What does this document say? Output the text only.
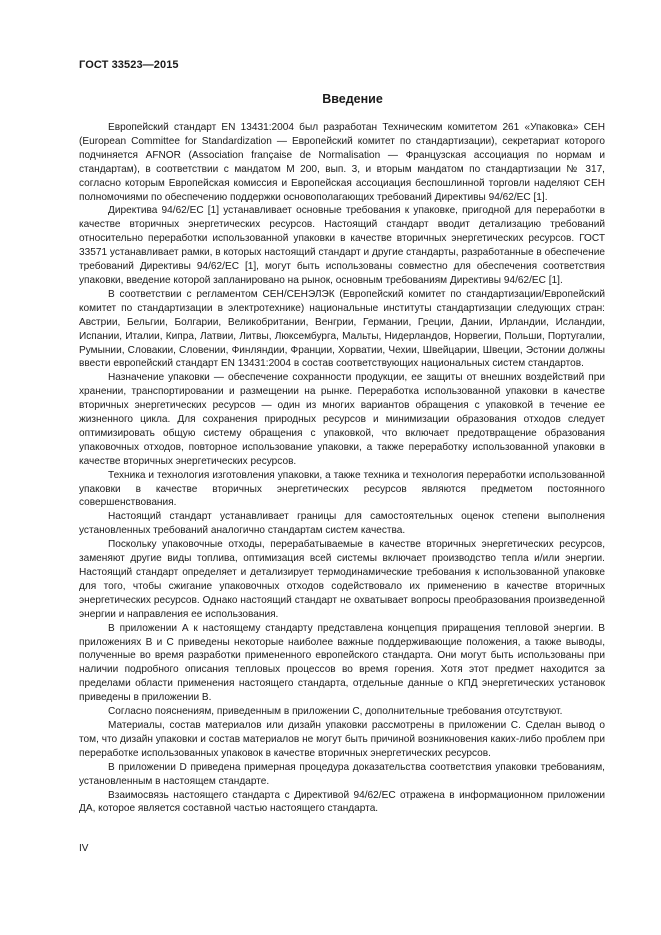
ГОСТ 33523—2015
Введение

Европейский стандарт EN 13431:2004 был разработан Техническим комитетом 261 «Упаковка» CEH (European Committee for Standardization — Европейский комитет по стандартизации), секретариат которого подчиняется AFNOR (Association française de Normalisation — Французская ассоциация по нормам и стандартам), в соответствии с мандатом М 200, вып. 3, и вторым мандатом по стандартизации № 317, согласно которым Европейская комиссия и Европейская ассоциация беспошлинной торговли наделяют CEH полномочиями по обеспечению поддержки основополагающих требований Директивы 94/62/ЕС [1].

Директива 94/62/ЕС [1] устанавливает основные требования к упаковке, пригодной для переработки в качестве вторичных энергетических ресурсов. Настоящий стандарт вводит детализацию требований относительно переработки использованной упаковки в качестве вторичных энергетических ресурсов. ГОСТ 33571 устанавливает рамки, в которых настоящий стандарт и другие стандарты, разработанные в обеспечение требований Директивы 94/62/ЕС [1], могут быть использованы совместно для обеспечения соответствия упаковки, введение которой запланировано на рынок, основным требованиям Директивы 94/62/ЕС [1].

В соответствии с регламентом CEH/CEHЭЛЭК (Европейский комитет по стандартизации/Европейский комитет по стандартизации в электротехнике) национальные институты стандартизации следующих стран: Австрии, Бельгии, Болгарии, Великобритании, Венгрии, Германии, Греции, Дании, Ирландии, Исландии, Испании, Италии, Кипра, Латвии, Литвы, Люксембурга, Мальты, Нидерландов, Норвегии, Польши, Португалии, Румынии, Словакии, Словении, Финляндии, Франции, Хорватии, Чехии, Швейцарии, Швеции, Эстонии должны ввести европейский стандарт EN 13431:2004 в состав соответствующих национальных систем стандартов.

Назначение упаковки — обеспечение сохранности продукции, ее защиты от внешних воздействий при хранении, транспортировании и размещении на рынке. Переработка использованной упаковки в качестве вторичных энергетических ресурсов — один из многих вариантов обращения с упаковкой в течение ее жизненного цикла. Для сохранения природных ресурсов и минимизации образования отходов следует оптимизировать общую систему обращения с упаковкой, что включает предотвращение образования упаковочных отходов, повторное использование упаковки, а также переработку использованной упаковки в качестве вторичных энергетических ресурсов.

Техника и технология изготовления упаковки, а также техника и технология переработки использованной упаковки в качестве вторичных энергетических ресурсов являются предметом постоянного совершенствования.

Настоящий стандарт устанавливает границы для самостоятельных оценок степени выполнения установленных требований аналогично стандартам систем качества.

Поскольку упаковочные отходы, перерабатываемые в качестве вторичных энергетических ресурсов, заменяют другие виды топлива, оптимизация всей системы включает производство тепла и/или энергии. Настоящий стандарт определяет и детализирует термодинамические требования к использованной упаковке для того, чтобы сжигание упаковочных отходов содействовало их применению в качестве вторичных энергетических ресурсов. Однако настоящий стандарт не охватывает вопросы преобразования произведенной энергии и направления ее использования.

В приложении А к настоящему стандарту представлена концепция приращения тепловой энергии. В приложениях В и С приведены некоторые наиболее важные поддерживающие положения, а также выводы, полученные во время разработки примененного европейского стандарта. Они могут быть использованы при наличии подробного описания тепловых процессов во время горения. Хотя этот предмет находится за пределами области применения настоящего стандарта, отдельные данные о КПД энергетических установок приведены в приложении В.

Согласно пояснениям, приведенным в приложении С, дополнительные требования отсутствуют.

Материалы, состав материалов или дизайн упаковки рассмотрены в приложении С. Сделан вывод о том, что дизайн упаковки и состав материалов не могут быть причиной возникновения каких-либо проблем при переработке использованных упаковок в качестве вторичных энергетических ресурсов.

В приложении D приведена примерная процедура доказательства соответствия упаковки требованиям, установленным в настоящем стандарте.

Взаимосвязь настоящего стандарта с Директивой 94/62/ЕС отражена в информационном приложении ДА, которое является составной частью настоящего стандарта.

IV
